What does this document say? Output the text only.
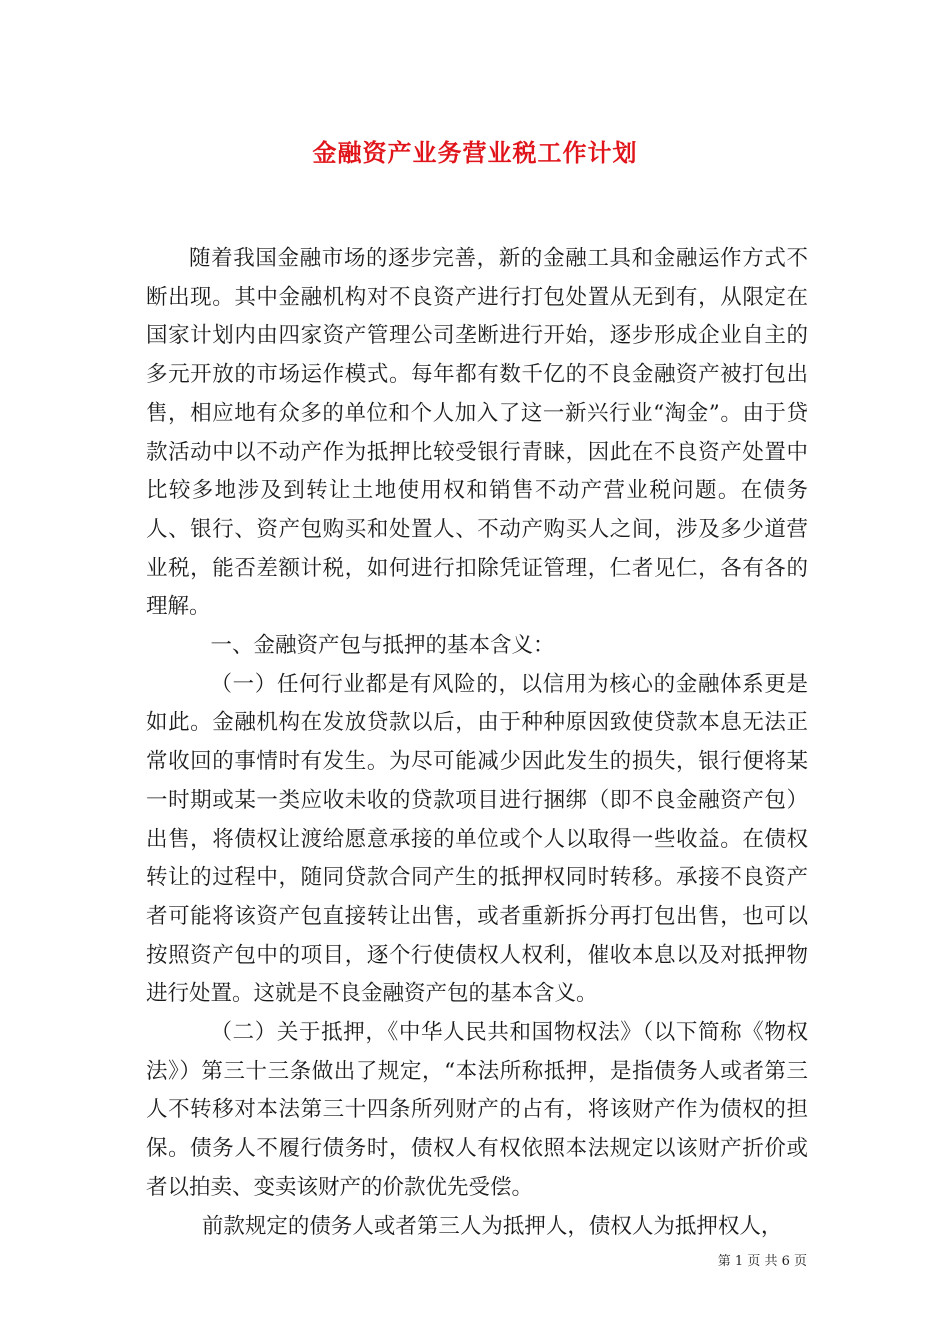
金融资产业务营业税工作计划

随着我国金融市场的逐步完善，新的金融工具和金融运作方式不断出现。其中金融机构对不良资产进行打包处置从无到有，从限定在国家计划内由四家资产管理公司垄断进行开始，逐步形成企业自主的多元开放的市场运作模式。每年都有数千亿的不良金融资产被打包出售，相应地有众多的单位和个人加入了这一新兴行业“淘金”。由于贷款活动中以不动产作为抵押比较受银行青睐，因此在不良资产处置中比较多地涉及到转让土地使用权和销售不动产营业税问题。在债务人、银行、资产包购买和处置人、不动产购买人之间，涉及多少道营业税，能否差额计税，如何进行扣除凭证管理，仁者见仁，各有各的理解。

一、金融资产包与抵押的基本含义：

（一）任何行业都是有风险的，以信用为核心的金融体系更是如此。金融机构在发放贷款以后，由于种种原因致使贷款本息无法正常收回的事情时有发生。为尽可能减少因此发生的损失，银行便将某一时期或某一类应收未收的贷款项目进行捆绑（即不良金融资产包）出售，将债权让渡给愿意承接的单位或个人以取得一些收益。在债权转让的过程中，随同贷款合同产生的抵押权同时转移。承接不良资产者可能将该资产包直接转让出售，或者重新拆分再打包出售，也可以按照资产包中的项目，逐个行使债权人权利，催收本息以及对抵押物进行处置。这就是不良金融资产包的基本含义。

（二）关于抵押，《中华人民共和国物权法》（以下简称《物权法》）第三十三条做出了规定，“本法所称抵押，是指债务人或者第三人不转移对本法第三十四条所列财产的占有，将该财产作为债权的担保。债务人不履行债务时，债权人有权依照本法规定以该财产折价或者以拍卖、变卖该财产的价款优先受偿。

前款规定的债务人或者第三人为抵押人，债权人为抵押权人，

第 1 页 共 6 页
